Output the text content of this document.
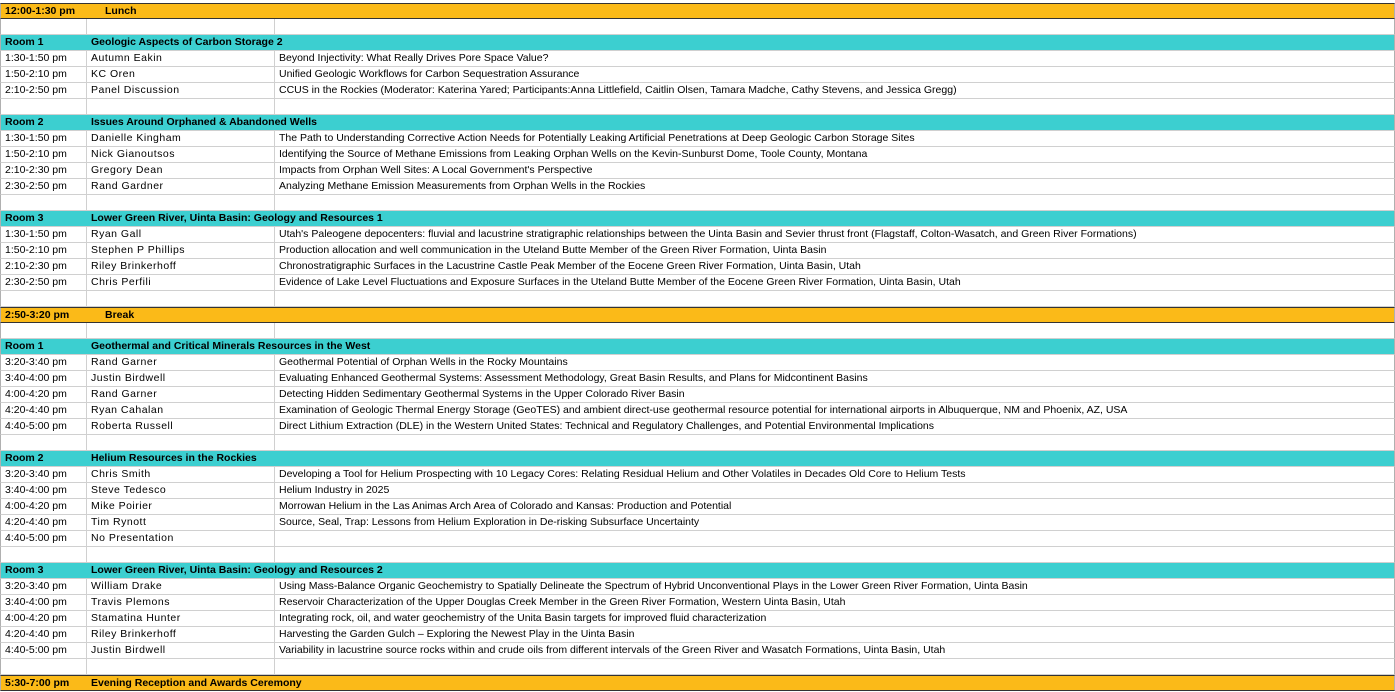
12:00-1:30 pm	Lunch
Room 1	Geologic Aspects of Carbon Storage 2
1:30-1:50 pm	Autumn Eakin	Beyond Injectivity: What Really Drives Pore Space Value?
1:50-2:10 pm	KC Oren	Unified Geologic Workflows for Carbon Sequestration Assurance
2:10-2:50 pm	Panel Discussion	CCUS in the Rockies (Moderator: Katerina Yared; Participants:Anna Littlefield, Caitlin Olsen, Tamara Madche, Cathy Stevens, and Jessica Gregg)
Room 2	Issues Around Orphaned & Abandoned Wells
1:30-1:50 pm	Danielle Kingham	The Path to Understanding Corrective Action Needs for Potentially Leaking Artificial Penetrations at Deep Geologic Carbon Storage Sites
1:50-2:10 pm	Nick Gianoutsos	Identifying the Source of Methane Emissions from Leaking Orphan Wells on the Kevin-Sunburst Dome, Toole County, Montana
2:10-2:30 pm	Gregory Dean	Impacts from Orphan Well Sites: A Local Government's Perspective
2:30-2:50 pm	Rand Gardner	Analyzing Methane Emission Measurements from Orphan Wells in the Rockies
Room 3	Lower Green River, Uinta Basin: Geology and Resources 1
1:30-1:50 pm	Ryan Gall	Utah's Paleogene depocenters: fluvial and lacustrine stratigraphic relationships between the Uinta Basin and Sevier thrust front (Flagstaff, Colton-Wasatch, and Green River Formations)
1:50-2:10 pm	Stephen P Phillips	Production allocation and well communication in the Uteland Butte Member of the Green River Formation, Uinta Basin
2:10-2:30 pm	Riley Brinkerhoff	Chronostratigraphic Surfaces in the Lacustrine Castle Peak Member of the Eocene Green River Formation, Uinta Basin, Utah
2:30-2:50 pm	Chris Perfili	Evidence of Lake Level Fluctuations and Exposure Surfaces in the Uteland Butte Member of the Eocene Green River Formation, Uinta Basin, Utah
2:50-3:20 pm	Break
Room 1	Geothermal and Critical Minerals Resources in the West
3:20-3:40 pm	Rand Garner	Geothermal Potential of Orphan Wells in the Rocky Mountains
3:40-4:00 pm	Justin Birdwell	Evaluating Enhanced Geothermal Systems: Assessment Methodology, Great Basin Results, and Plans for Midcontinent Basins
4:00-4:20 pm	Rand Garner	Detecting Hidden Sedimentary Geothermal Systems in the Upper Colorado River Basin
4:20-4:40 pm	Ryan Cahalan	Examination of Geologic Thermal Energy Storage (GeoTES) and ambient direct-use geothermal resource potential for international airports in Albuquerque, NM and Phoenix, AZ, USA
4:40-5:00 pm	Roberta Russell	Direct Lithium Extraction (DLE) in the Western United States: Technical and Regulatory Challenges, and Potential Environmental Implications
Room 2	Helium Resources in the Rockies
3:20-3:40 pm	Chris Smith	Developing a Tool for Helium Prospecting with 10 Legacy Cores: Relating Residual Helium and Other Volatiles in Decades Old Core to Helium Tests
3:40-4:00 pm	Steve Tedesco	Helium Industry in 2025
4:00-4:20 pm	Mike Poirier	Morrowan Helium in the Las Animas Arch Area of Colorado and Kansas: Production and Potential
4:20-4:40 pm	Tim Rynott	Source, Seal, Trap: Lessons from Helium Exploration in De-risking Subsurface Uncertainty
4:40-5:00 pm	No Presentation
Room 3	Lower Green River, Uinta Basin: Geology and Resources 2
3:20-3:40 pm	William Drake	Using Mass-Balance Organic Geochemistry to Spatially Delineate the Spectrum of Hybrid Unconventional Plays in the Lower Green River Formation, Uinta Basin
3:40-4:00 pm	Travis Plemons	Reservoir Characterization of the Upper Douglas Creek Member in the Green River Formation, Western Uinta Basin, Utah
4:00-4:20 pm	Stamatina Hunter	Integrating rock, oil, and water geochemistry of the Unita Basin targets for improved fluid characterization
4:20-4:40 pm	Riley Brinkerhoff	Harvesting the Garden Gulch – Exploring the Newest Play in the Uinta Basin
4:40-5:00 pm	Justin Birdwell	Variability in lacustrine source rocks within and crude oils from different intervals of the Green River and Wasatch Formations, Uinta Basin, Utah
5:30-7:00 pm	Evening Reception and Awards Ceremony
